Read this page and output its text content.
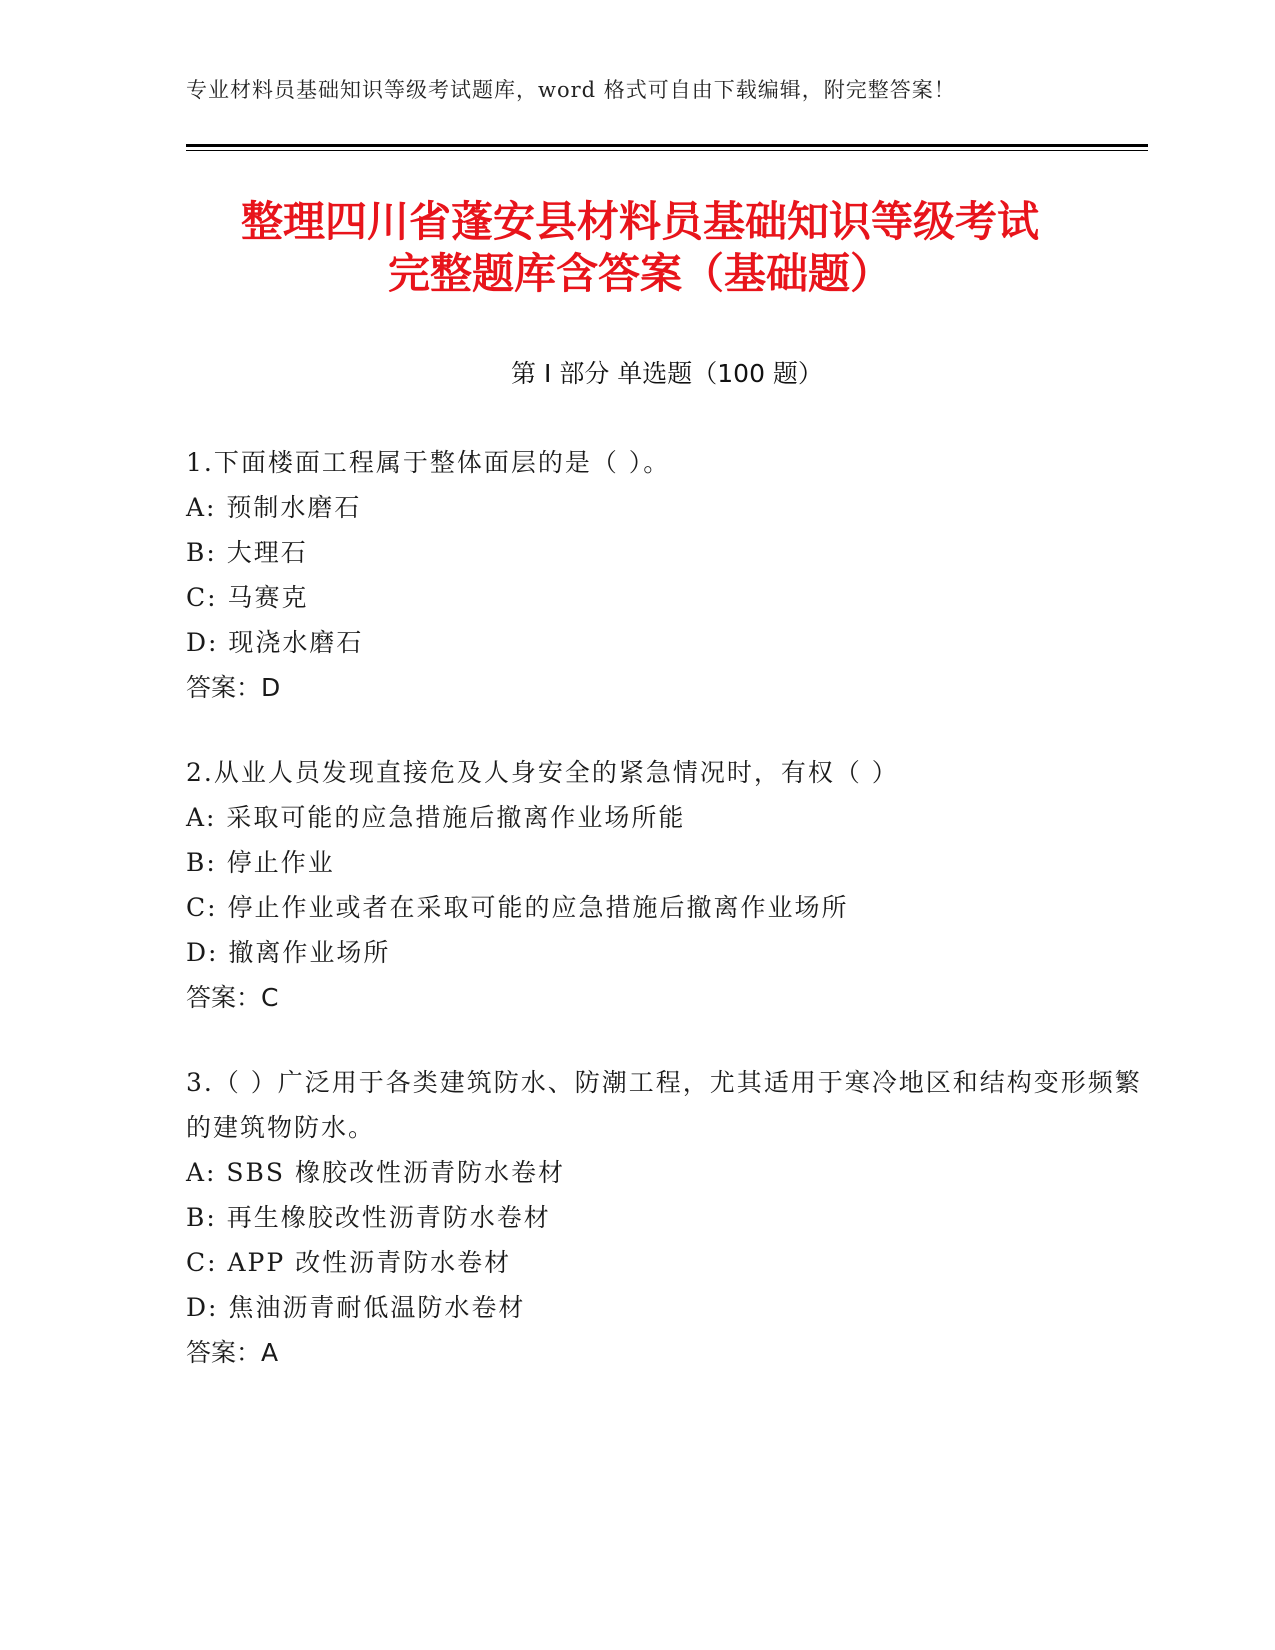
专业材料员基础知识等级考试题库，word 格式可自由下载编辑，附完整答案！
整理四川省蓬安县材料员基础知识等级考试
完整题库含答案（基础题）
第 I 部分 单选题（100 题）

1.下面楼面工程属于整体面层的是（ ）。

A: 预制水磨石

B: 大理石

C: 马赛克

D: 现浇水磨石

答案：D

2.从业人员发现直接危及人身安全的紧急情况时，有权（ ）

A: 采取可能的应急措施后撤离作业场所能

B: 停止作业

C: 停止作业或者在采取可能的应急措施后撤离作业场所

D: 撤离作业场所

答案：C

3.（ ）广泛用于各类建筑防水、防潮工程，尤其适用于寒冷地区和结构变形频繁的建筑物防水。

A: SBS 橡胶改性沥青防水卷材

B: 再生橡胶改性沥青防水卷材

C: APP 改性沥青防水卷材

D: 焦油沥青耐低温防水卷材

答案：A
